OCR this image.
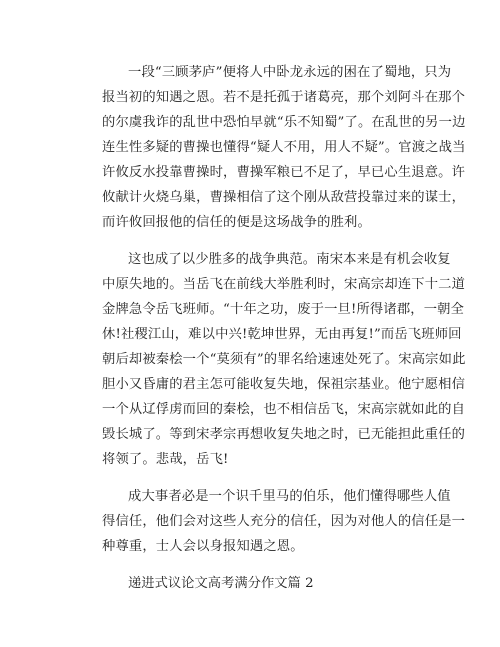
一段“三顾茅庐”便将人中卧龙永远的困在了蜀地，只为
报当初的知遇之恩。若不是托孤于诸葛亮，那个刘阿斗在那个
的尔虞我诈的乱世中恐怕早就“乐不知蜀”了。在乱世的另一边
连生性多疑的曹操也懂得“疑人不用，用人不疑”。官渡之战当
许攸反水投靠曹操时，曹操军粮已不足了，早已心生退意。许
攸献计火烧乌巢，曹操相信了这个刚从敌营投靠过来的谋士，
而许攸回报他的信任的便是这场战争的胜利。
这也成了以少胜多的战争典范。南宋本来是有机会收复
中原失地的。当岳飞在前线大举胜利时，宋高宗却连下十二道
金牌急令岳飞班师。“十年之功，废于一旦!所得诸郡，一朝全
休!社稷江山，难以中兴!乾坤世界，无由再复!”而岳飞班师回
朝后却被秦桧一个“莫须有”的罪名给速速处死了。宋高宗如此
胆小又昏庸的君主怎可能收复失地，保祖宗基业。他宁愿相信
一个从辽俘虏而回的秦桧，也不相信岳飞，宋高宗就如此的自
毁长城了。等到宋孝宗再想收复失地之时，已无能担此重任的
将领了。悲哉，岳飞!
成大事者必是一个识千里马的伯乐，他们懂得哪些人值
得信任，他们会对这些人充分的信任，因为对他人的信任是一
种尊重，士人会以身报知遇之恩。
递进式议论文高考满分作文篇 2
